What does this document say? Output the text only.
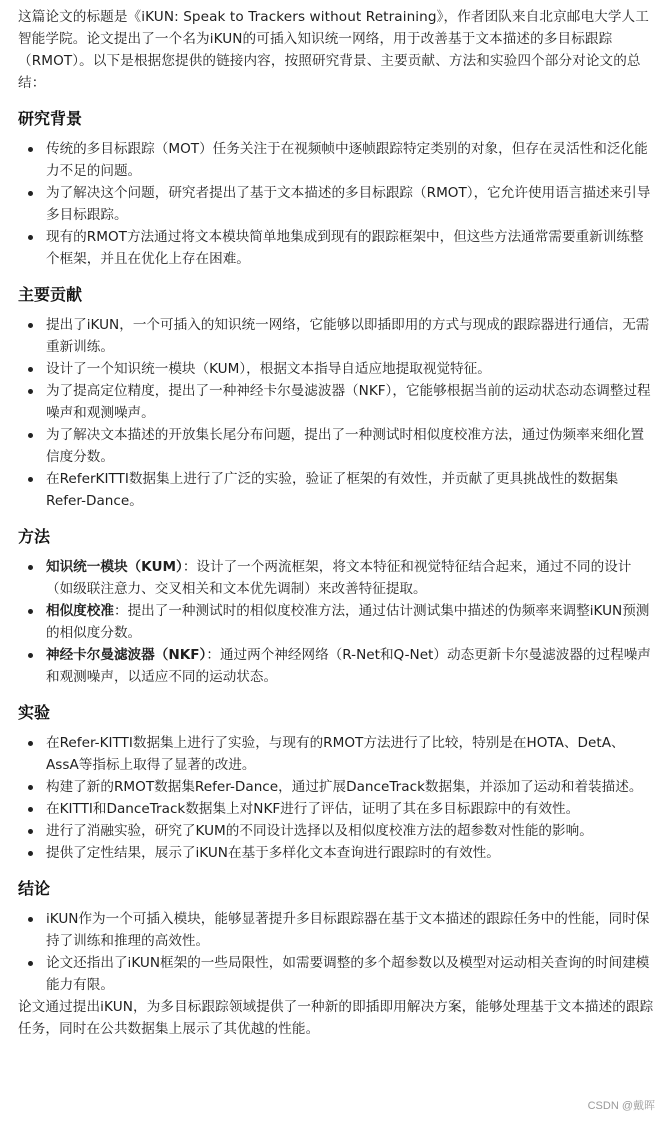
这篇论文的标题是《iKUN: Speak to Trackers without Retraining》，作者团队来自北京邮电大学人工智能学院。论文提出了一个名为iKUN的可插入知识统一网络，用于改善基于文本描述的多目标跟踪（RMOT）。以下是根据您提供的链接内容，按照研究背景、主要贡献、方法和实验四个部分对论文的总结：

研究背景
传统的多目标跟踪（MOT）任务关注于在视频帧中逐帧跟踪特定类别的对象，但存在灵活性和泛化能力不足的问题。
为了解决这个问题，研究者提出了基于文本描述的多目标跟踪（RMOT），它允许使用语言描述来引导多目标跟踪。
现有的RMOT方法通过将文本模块简单地集成到现有的跟踪框架中，但这些方法通常需要重新训练整个框架，并且在优化上存在困难。
主要贡献
提出了iKUN，一个可插入的知识统一网络，它能够以即插即用的方式与现成的跟踪器进行通信，无需重新训练。
设计了一个知识统一模块（KUM），根据文本指导自适应地提取视觉特征。
为了提高定位精度，提出了一种神经卡尔曼滤波器（NKF），它能够根据当前的运动状态动态调整过程噪声和观测噪声。
为了解决文本描述的开放集长尾分布问题，提出了一种测试时相似度校准方法，通过伪频率来细化置信度分数。
在ReferKITTI数据集上进行了广泛的实验，验证了框架的有效性，并贡献了更具挑战性的数据集Refer-Dance。
方法
知识统一模块（KUM）：设计了一个两流框架，将文本特征和视觉特征结合起来，通过不同的设计（如级联注意力、交叉相关和文本优先调制）来改善特征提取。
相似度校准：提出了一种测试时的相似度校准方法，通过估计测试集中描述的伪频率来调整iKUN预测的相似度分数。
神经卡尔曼滤波器（NKF）：通过两个神经网络（R-Net和Q-Net）动态更新卡尔曼滤波器的过程噪声和观测噪声，以适应不同的运动状态。
实验
在Refer-KITTI数据集上进行了实验，与现有的RMOT方法进行了比较，特别是在HOTA、DetA、AssA等指标上取得了显著的改进。
构建了新的RMOT数据集Refer-Dance，通过扩展DanceTrack数据集，并添加了运动和着装描述。
在KITTI和DanceTrack数据集上对NKF进行了评估，证明了其在多目标跟踪中的有效性。
进行了消融实验，研究了KUM的不同设计选择以及相似度校准方法的超参数对性能的影响。
提供了定性结果，展示了iKUN在基于多样化文本查询进行跟踪时的有效性。
结论
iKUN作为一个可插入模块，能够显著提升多目标跟踪器在基于文本描述的跟踪任务中的性能，同时保持了训练和推理的高效性。
论文还指出了iKUN框架的一些局限性，如需要调整的多个超参数以及模型对运动相关查询的时间建模能力有限。

论文通过提出iKUN，为多目标跟踪领域提供了一种新的即插即用解决方案，能够处理基于文本描述的跟踪任务，同时在公共数据集上展示了其优越的性能。

CSDN @戴晖
